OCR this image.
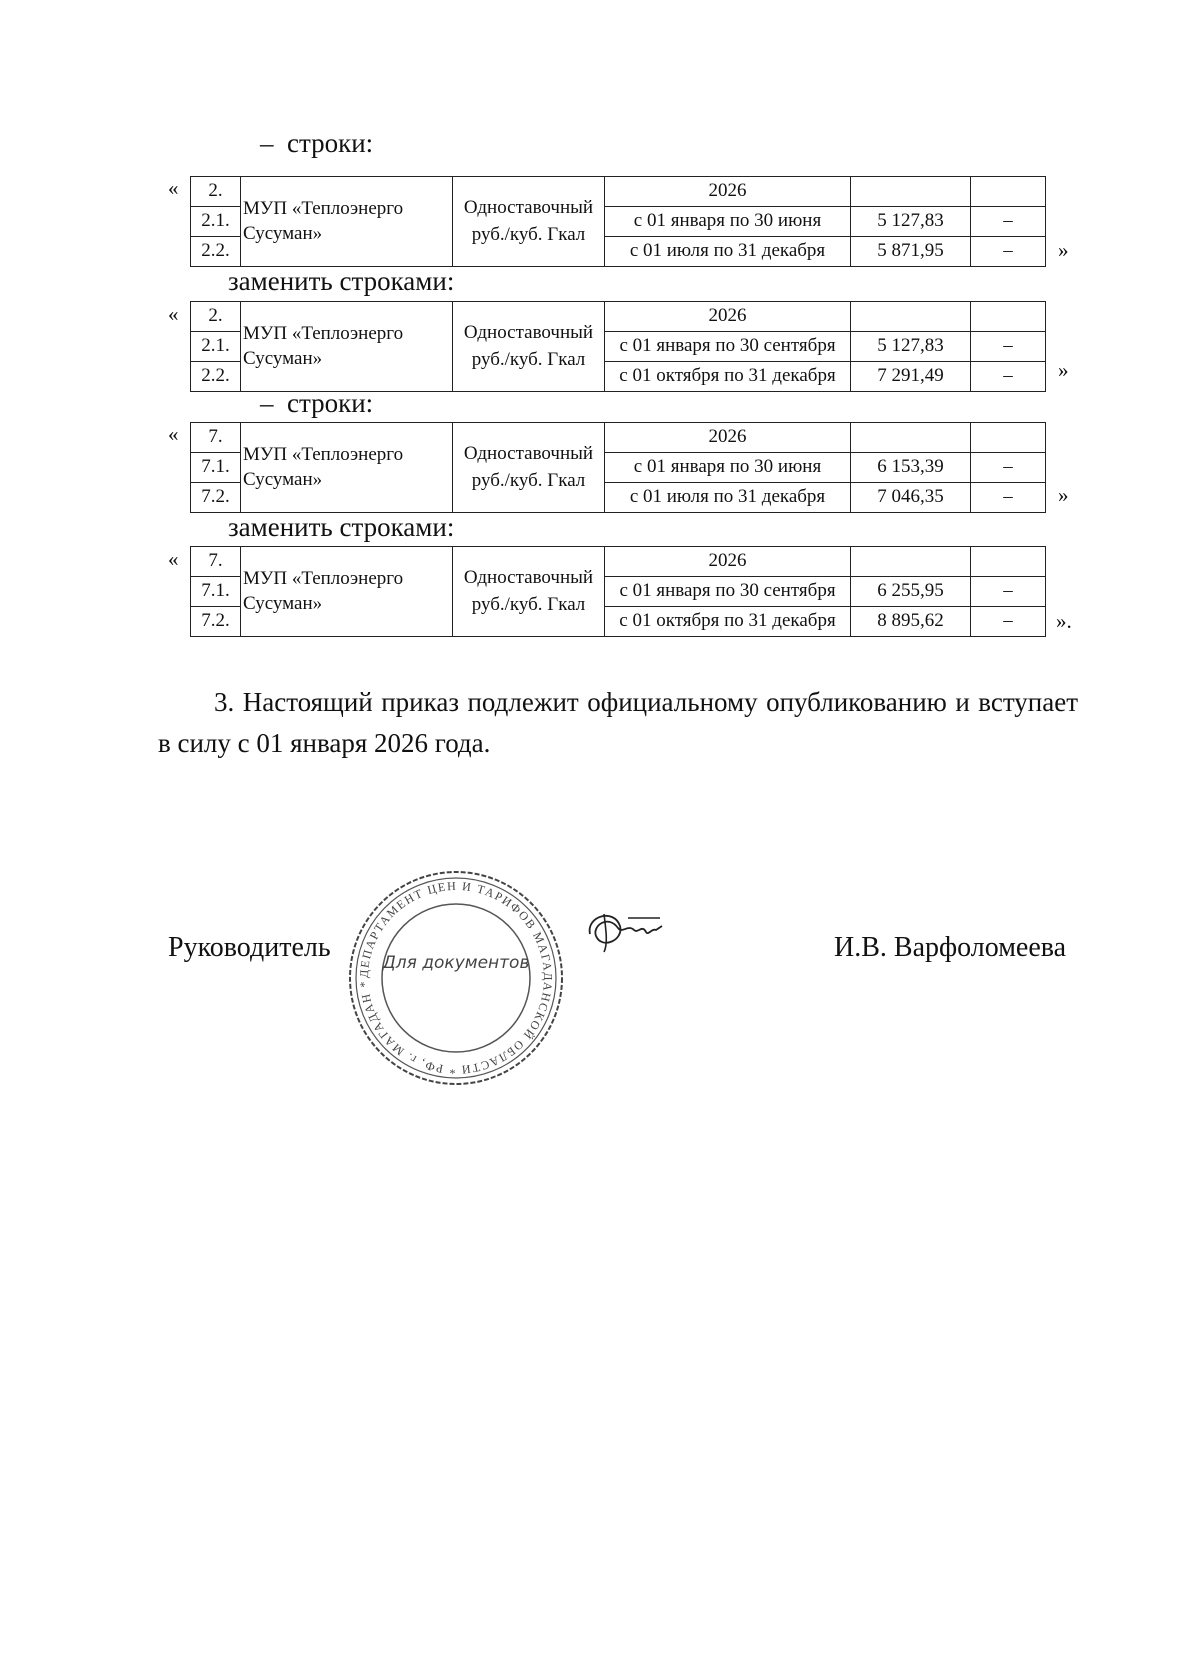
–  строки:
« 2.	МУП «Теплоэнерго Сусуман»	Одноставочный руб./куб. Гкал	2026		
2.1.			с 01 января по 30 июня	5 127,83	–
2.2.			с 01 июля по 31 декабря	5 871,95	– »
заменить строками:
« 2.	МУП «Теплоэнерго Сусуман»	Одноставочный руб./куб. Гкал	2026		
2.1.			с 01 января по 30 сентября	5 127,83	–
2.2.			с 01 октября по 31 декабря	7 291,49	– »
–  строки:
« 7.	МУП «Теплоэнерго Сусуман»	Одноставочный руб./куб. Гкал	2026		
7.1.			с 01 января по 30 июня	6 153,39	–
7.2.			с 01 июля по 31 декабря	7 046,35	– »
заменить строками:
« 7.	МУП «Теплоэнерго Сусуман»	Одноставочный руб./куб. Гкал	2026		
7.1.			с 01 января по 30 сентября	6 255,95	–
7.2.			с 01 октября по 31 декабря	8 895,62	– ».
3. Настоящий приказ подлежит официальному опубликованию и вступает в силу с 01 января 2026 года.
Руководитель	И.В. Варфоломеева
ДЕПАРТАМЕНТ ЦЕН И ТАРИФОВ МАГАДАНСКОЙ ОБЛАСТИ * РФ, г. МАГАДАН *
Для документов
